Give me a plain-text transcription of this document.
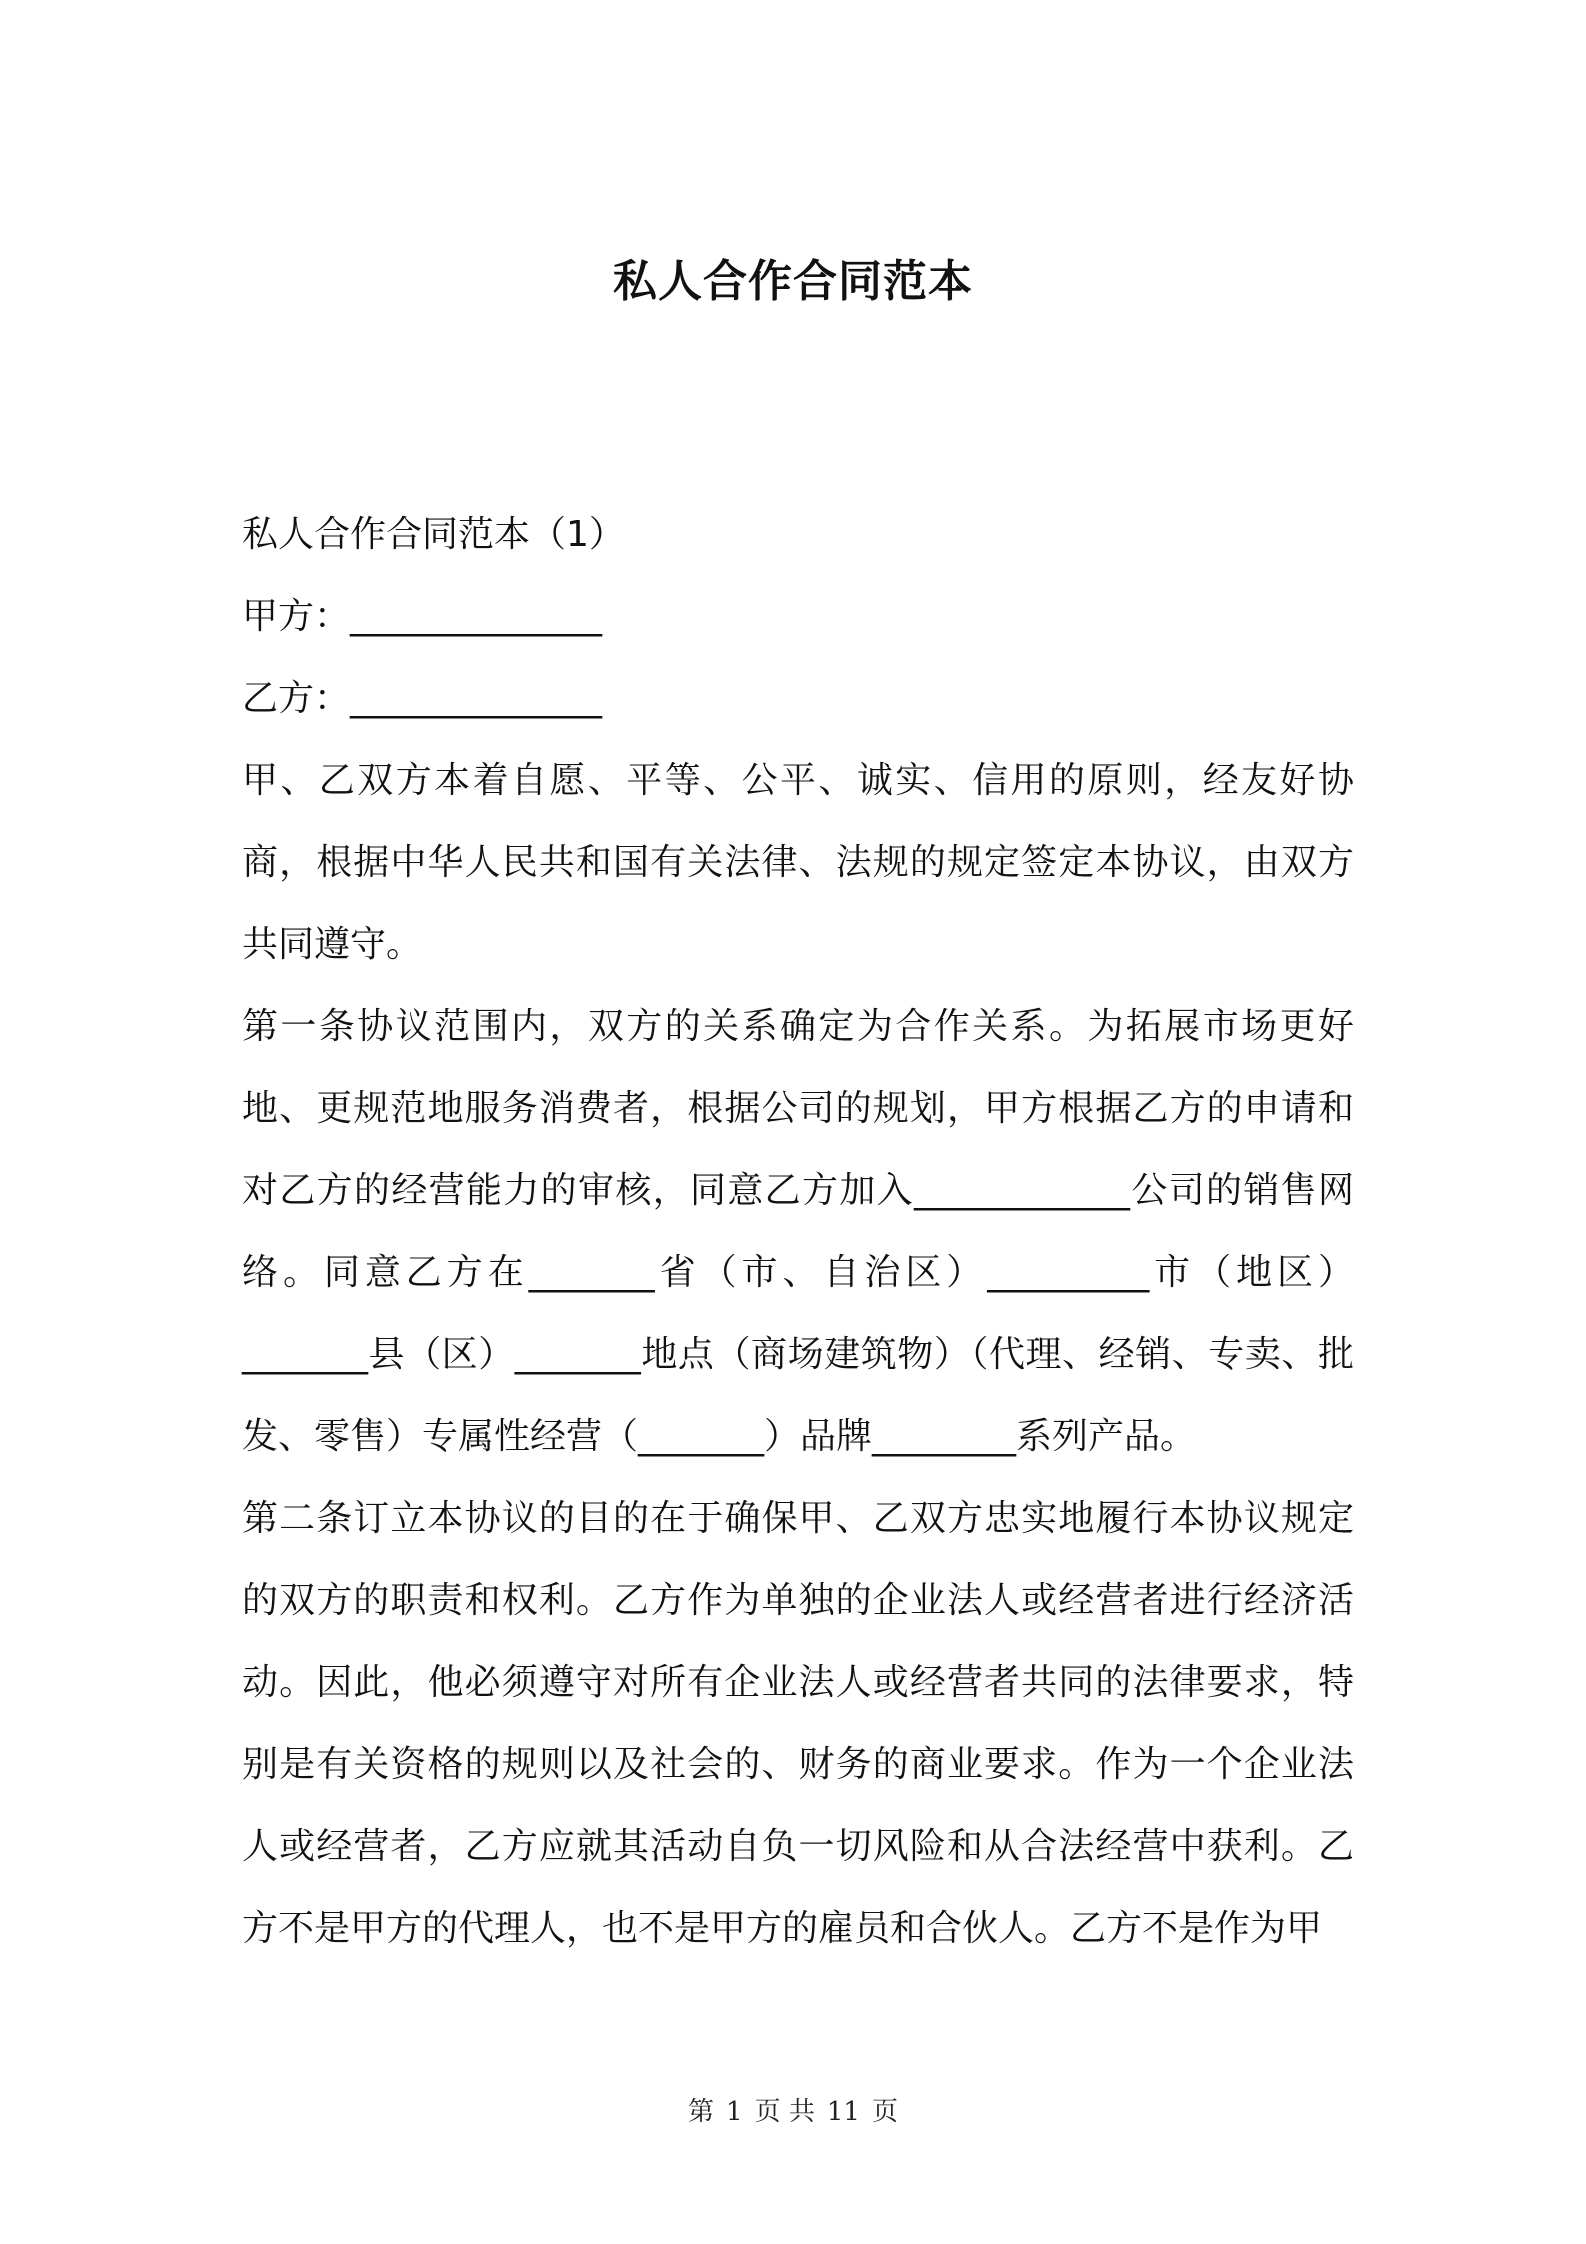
私人合作合同范本

私人合作合同范本（1）

甲方：______________

乙方：______________

甲、乙双方本着自愿、平等、公平、诚实、信用的原则，经友好协商，根据中华人民共和国有关法律、法规的规定签定本协议，由双方共同遵守。

第一条协议范围内，双方的关系确定为合作关系。为拓展市场更好地、更规范地服务消费者，根据公司的规划，甲方根据乙方的申请和对乙方的经营能力的审核，同意乙方加入____________公司的销售网络。同意乙方在_______省（市、自治区）_________市（地区）_______县（区）_______地点（商场建筑物）（代理、经销、专卖、批发、零售）专属性经营（_______）品牌________系列产品。

第二条订立本协议的目的在于确保甲、乙双方忠实地履行本协议规定的双方的职责和权利。乙方作为单独的企业法人或经营者进行经济活动。因此，他必须遵守对所有企业法人或经营者共同的法律要求，特别是有关资格的规则以及社会的、财务的商业要求。作为一个企业法人或经营者，乙方应就其活动自负一切风险和从合法经营中获利。乙方不是甲方的代理人，也不是甲方的雇员和合伙人。乙方不是作为甲

第 1 页 共 11 页
